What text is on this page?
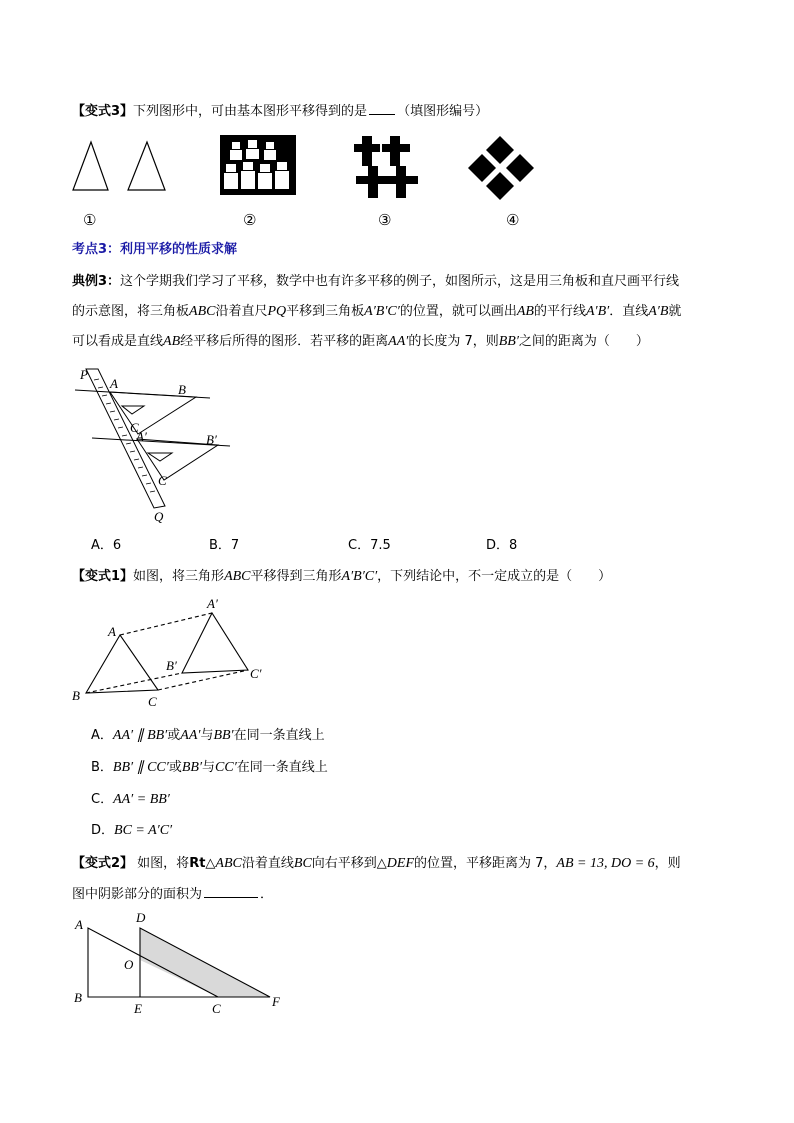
【变式3】下列图形中，可由基本图形平移得到的是 （填图形编号）
①	②	③	④
考点3：利用平移的性质求解
典例3：这个学期我们学习了平移，数学中也有许多平移的例子，如图所示，这是用三角板和直尺画平行线
的示意图，将三角板ABC沿着直尺PQ平移到三角板A′B′C′的位置，就可以画出AB的平行线A′B′．直线A′B就
可以看成是直线AB经平移后所得的图形．若平移的距离AA′的长度为 7，则BB′之间的距离为（　　）
P
A	B
C
A′	B′
C
Q
A．6	B．7	C．7.5	D．8
【变式1】如图，将三角形ABC平移得到三角形A′B′C′，下列结论中，不一定成立的是（　　）
A
B	C
A′
B′
C′
A．AA′ ∥ BB′或AA′与BB′在同一条直线上
B．BB′ ∥ CC′或BB′与CC′在同一条直线上
C．AA′ = BB′
D．BC = A′C′
【变式2】 如图，将Rt△ABC沿着直线BC向右平移到△DEF的位置，平移距离为 7，AB = 13, DO = 6，则
图中阴影部分的面积为	．
A
B
D
O
E	C	F
